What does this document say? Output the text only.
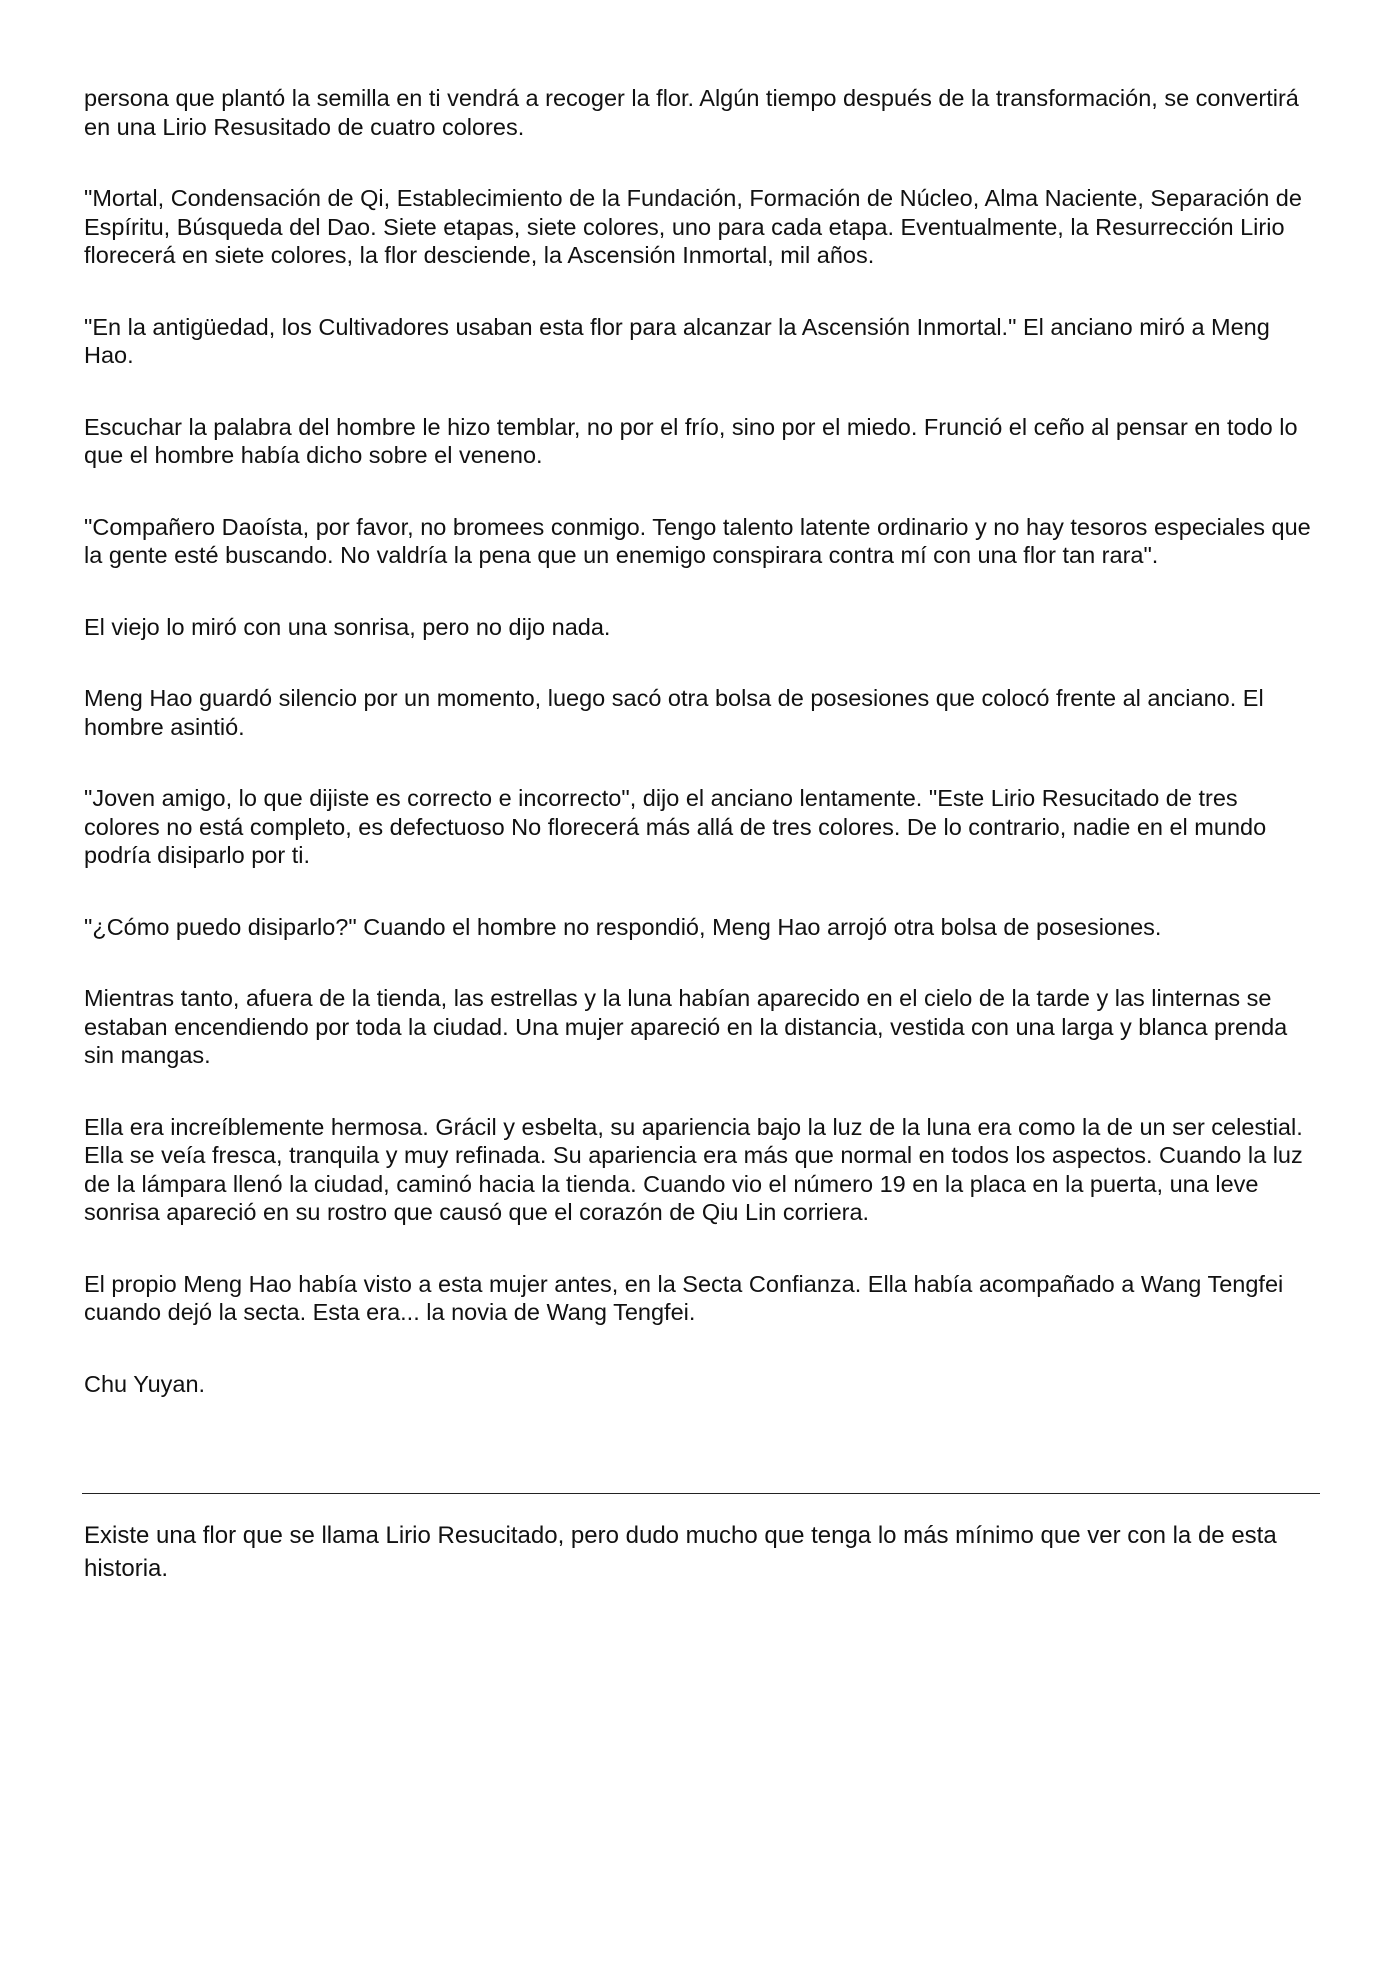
persona que plantó la semilla en ti vendrá a recoger la flor. Algún tiempo después de la transformación, se convertirá en una Lirio Resusitado de cuatro colores.

"Mortal, Condensación de Qi, Establecimiento de la Fundación, Formación de Núcleo, Alma Naciente, Separación de Espíritu, Búsqueda del Dao. Siete etapas, siete colores, uno para cada etapa. Eventualmente, la Resurrección Lirio florecerá en siete colores, la flor desciende, la Ascensión Inmortal, mil años.

"En la antigüedad, los Cultivadores usaban esta flor para alcanzar la Ascensión Inmortal." El anciano miró a Meng Hao.

Escuchar la palabra del hombre le hizo temblar, no por el frío, sino por el miedo. Frunció el ceño al pensar en todo lo que el hombre había dicho sobre el veneno.

"Compañero Daoísta, por favor, no bromees conmigo. Tengo talento latente ordinario y no hay tesoros especiales que la gente esté buscando. No valdría la pena que un enemigo conspirara contra mí con una flor tan rara".

El viejo lo miró con una sonrisa, pero no dijo nada.

Meng Hao guardó silencio por un momento, luego sacó otra bolsa de posesiones que colocó frente al anciano. El hombre asintió.

"Joven amigo, lo que dijiste es correcto e incorrecto", dijo el anciano lentamente. "Este Lirio Resucitado de tres colores no está completo, es defectuoso No florecerá más allá de tres colores. De lo contrario, nadie en el mundo podría disiparlo por ti.

"¿Cómo puedo disiparlo?" Cuando el hombre no respondió, Meng Hao arrojó otra bolsa de posesiones.

Mientras tanto, afuera de la tienda, las estrellas y la luna habían aparecido en el cielo de la tarde y las linternas se estaban encendiendo por toda la ciudad. Una mujer apareció en la distancia, vestida con una larga y blanca prenda sin mangas.

Ella era increíblemente hermosa. Grácil y esbelta, su apariencia bajo la luz de la luna era como la de un ser celestial. Ella se veía fresca, tranquila y muy refinada. Su apariencia era más que normal en todos los aspectos. Cuando la luz de la lámpara llenó la ciudad, caminó hacia la tienda. Cuando vio el número 19 en la placa en la puerta, una leve sonrisa apareció en su rostro que causó que el corazón de Qiu Lin corriera.

El propio Meng Hao había visto a esta mujer antes, en la Secta Confianza. Ella había acompañado a Wang Tengfei cuando dejó la secta. Esta era... la novia de Wang Tengfei.

Chu Yuyan.

Existe una flor que se llama Lirio Resucitado, pero dudo mucho que tenga lo más mínimo que ver con la de esta historia.
